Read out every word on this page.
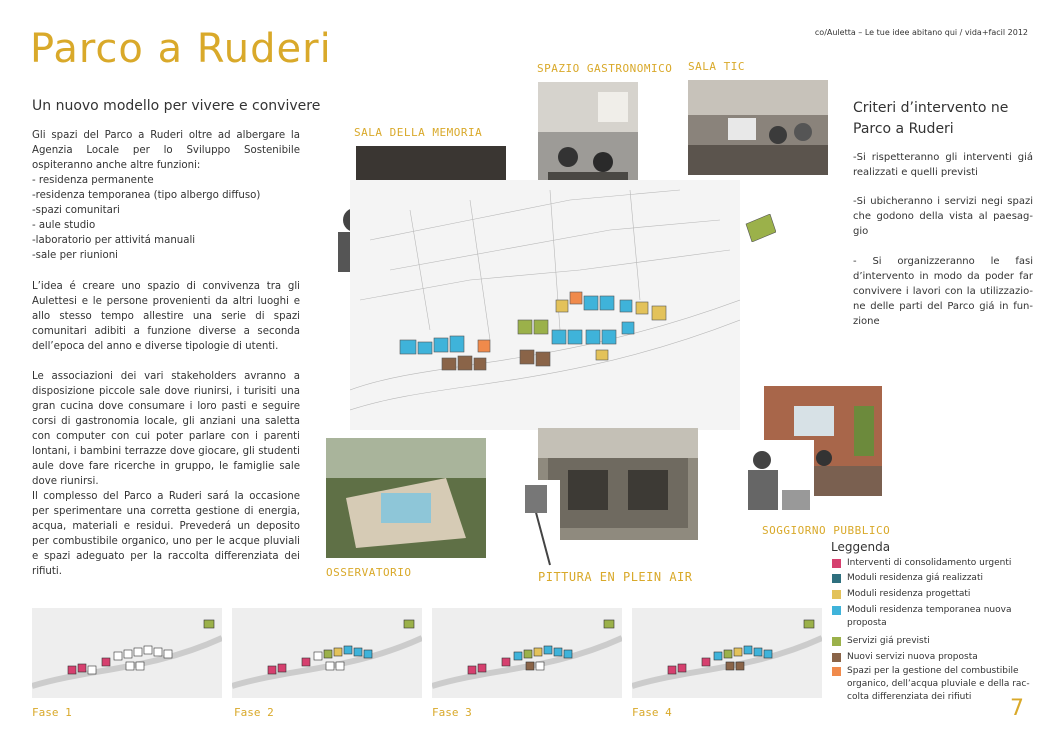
Parco a Ruderi	co/Auletta – Le tue idee abitano qui / vida+facil 2012
Un nuovo modello per vivere e convivere
Gli spazi del Parco a Ruderi oltre ad albergare la Agenzia Locale per lo Sviluppo Sostenibile ospiteranno anche altre funzioni:
- residenza permanente
-residenza temporanea (tipo albergo diffuso)
-spazi comunitari
- aule studio
-laboratorio per attivitá manuali
-sale per riunioni
L’idea é creare uno spazio di convivenza tra gli Aulettesi e le persone provenienti da altri luoghi e allo stesso tempo allestire una serie di spazi comunitari adibiti a funzione diverse a seconda dell’epoca del anno e diverse tipologie di utenti.
Le associazioni dei vari stakeholders avranno a disposizione piccole sale dove riunirsi, i turisiti una gran cucina dove consumare i loro pasti e seguire corsi di gastronomia locale, gli anziani una saletta con computer con cui poter parlare con i parenti lontani, i bambini terrazze dove giocare, gli studenti aule dove fare ricerche in gruppo, le famiglie sale dove riunirsi.
Il complesso del Parco a Ruderi sará la occasione per sperimentare una corretta gestione di energia, acqua, materiali e residui. Prevederá un deposito per combustibile organico, uno per le acque pluviali e spazi adeguato per la raccolta differenziata dei rifiuti.
SALA DELLA MEMORIA
SPAZIO GASTRONOMICO SALA TIC
OSSERVATORIO	PITTURA EN PLEIN AIR
SOGGIORNO PUBBLICO
Criteri d’intervento ne Parco a Ruderi
-Si rispetteranno gli interventi giá realizzati e quelli previsti
-Si ubicheranno i servizi negi spazi che godono della vista al paesag-gio
- Si organizzeranno le fasi d’intervento in modo da poder far convivere i lavori con la utilizzazio-ne delle parti del Parco giá in fun-zione
Leggenda
Interventi di consolidamento urgenti
Moduli residenza giá realizzati
Moduli residenza progettati
Moduli residenza temporanea nuova proposta
Servizi giá previsti
Nuovi servizi nuova proposta
Spazi per la gestione del combustibile organico, dell’acqua pluviale e della rac-colta differenziata dei rifiuti
Fase 1	Fase 2	Fase 3	Fase 4	7
